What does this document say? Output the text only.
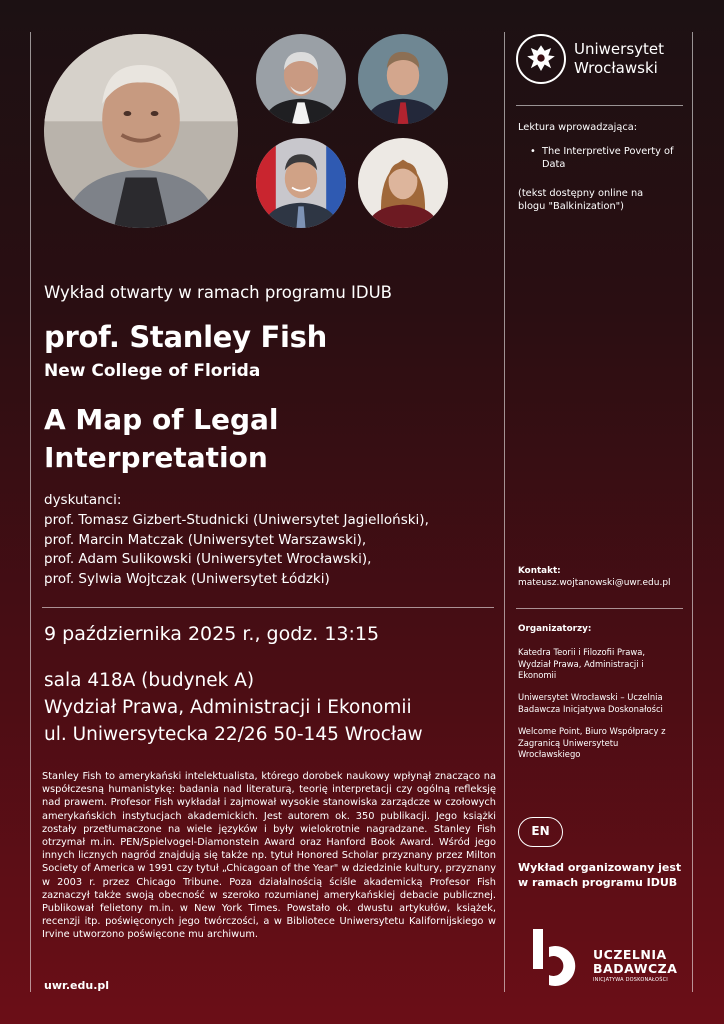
Wykład otwarty w ramach programu IDUB

prof. Stanley Fish

New College of Florida

A Map of Legal Interpretation

dyskutanci:

prof. Tomasz Gizbert-Studnicki (Uniwersytet Jagielloński),
prof. Marcin Matczak (Uniwersytet Warszawski),
prof. Adam Sulikowski (Uniwersytet Wrocławski),
prof. Sylwia Wojtczak (Uniwersytet Łódzki)

9 października 2025 r., godz. 13:15

sala 418A (budynek A)
Wydział Prawa, Administracji i Ekonomii
ul. Uniwersytecka 22/26 50-145 Wrocław

Stanley Fish to amerykański intelektualista, którego dorobek naukowy wpłynął znacząco na współczesną humanistykę: badania nad literaturą, teorię interpretacji czy ogólną refleksję nad prawem. Profesor Fish wykładał i zajmował wysokie stanowiska zarządcze w czołowych amerykańskich instytucjach akademickich. Jest autorem ok. 350 publikacji. Jego książki zostały przetłumaczone na wiele języków i były wielokrotnie nagradzane. Stanley Fish otrzymał m.in. PEN/Spielvogel-Diamonstein Award oraz Hanford Book Award. Wśród jego innych licznych nagród znajdują się także np. tytuł Honored Scholar przyznany przez Milton Society of America w 1991 czy tytuł „Chicagoan of the Year" w dziedzinie kultury, przyznany w 2003 r. przez Chicago Tribune. Poza działalnością ściśle akademicką Profesor Fish zaznaczył także swoją obecność w szeroko rozumianej amerykańskiej debacie publicznej. Publikował felietony m.in. w New York Times. Powstało ok. dwustu artykułów, książek, recenzji itp. poświęconych jego twórczości, a w Bibliotece Uniwersytetu Kalifornijskiego w Irvine utworzono poświęcone mu archiwum.

uwr.edu.pl

Uniwersytet
Wrocławski

Lektura wprowadzająca:

• The Interpretive Poverty of Data

(tekst dostępny online na blogu "Balkinization")

Kontakt:

mateusz.wojtanowski@uwr.edu.pl

Organizatorzy:

Katedra Teorii i Filozofii Prawa, Wydział Prawa, Administracji i Ekonomii

Uniwersytet Wrocławski – Uczelnia Badawcza Inicjatywa Doskonałości

Welcome Point, Biuro Współpracy z Zagranicą Uniwersytetu Wrocławskiego

EN

Wykład organizowany jest w ramach programu IDUB

UCZELNIA
BADAWCZA
INICJATYWA DOSKONAŁOŚCI
